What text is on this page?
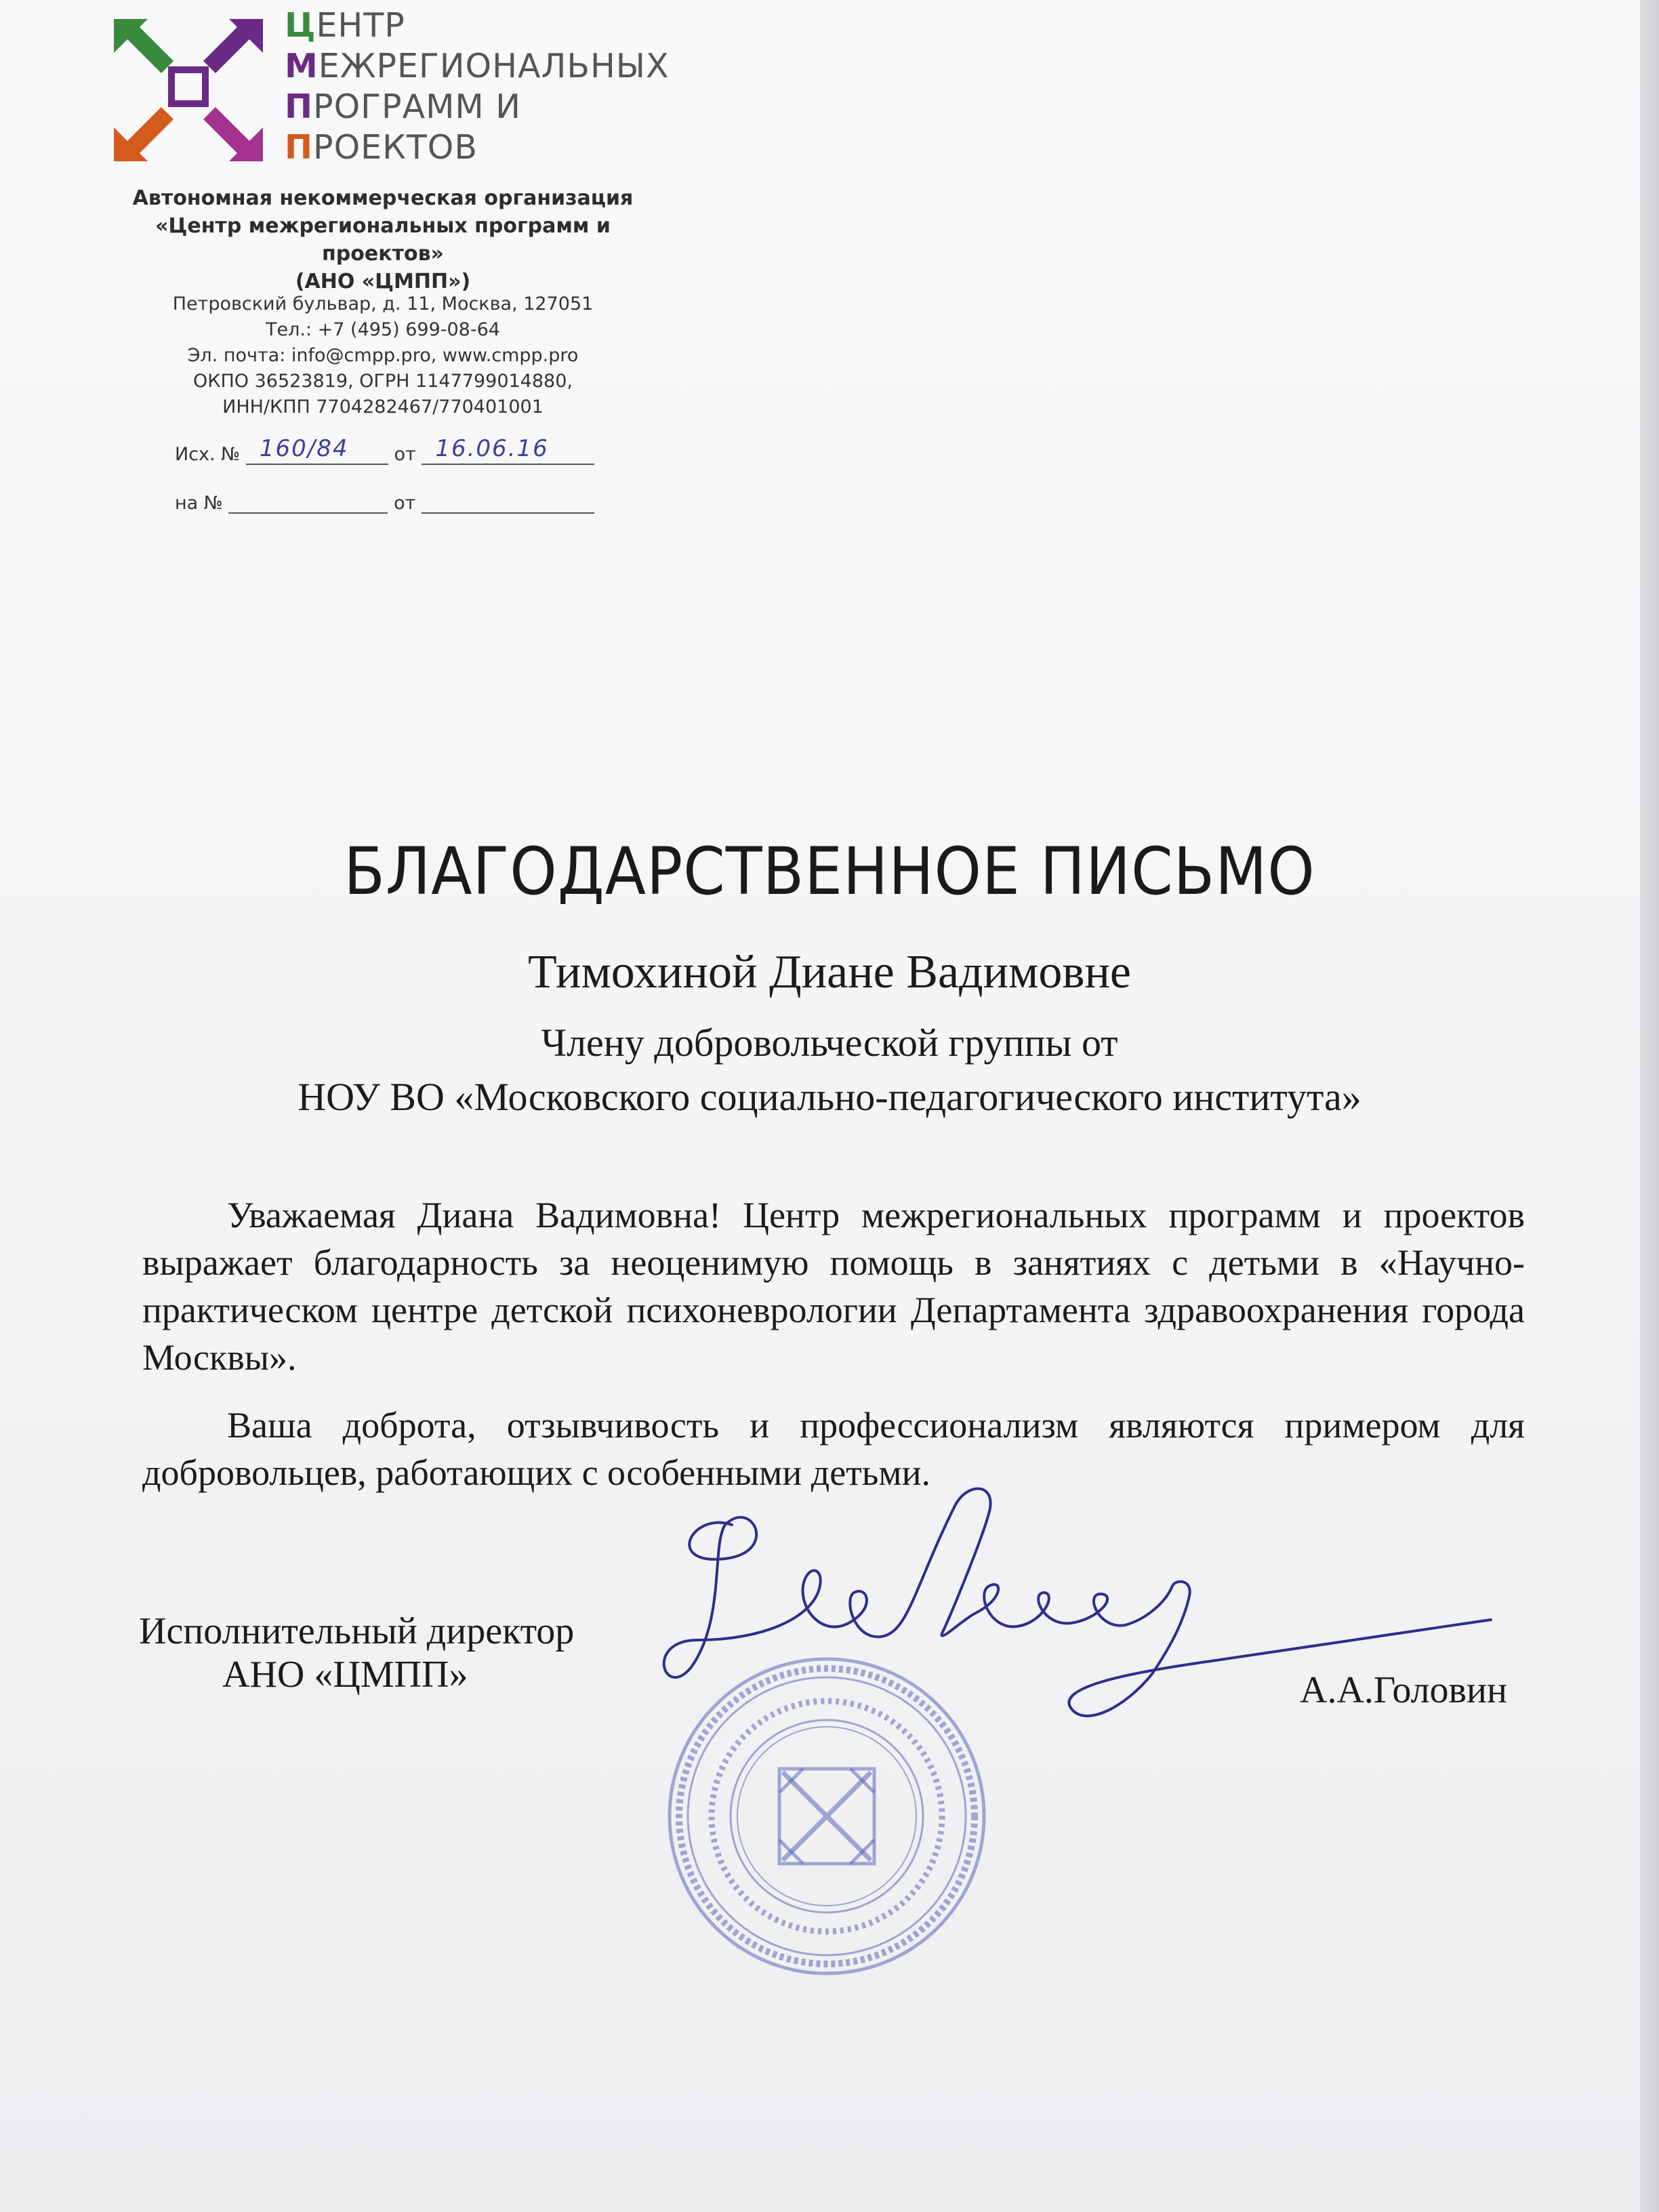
ЦЕНТР
МЕЖРЕГИОНАЛЬНЫХ
ПРОГРАММ И
ПРОЕКТОВ
Автономная некоммерческая организация
«Центр межрегиональных программ и проектов»
(АНО «ЦМПП»)
Петровский бульвар, д. 11, Москва, 127051
Тел.: +7 (495) 699-08-64
Эл. почта: info@cmpp.pro, www.cmpp.pro
ОКПО 36523819, ОГРН 1147799014880,
ИНН/КПП 7704282467/770401001
Исх. № 160/84 от 16.06.16
на №	от
БЛАГОДАРСТВЕННОЕ ПИСЬМО
Тимохиной Диане Вадимовне
Члену добровольческой группы от
НОУ ВО «Московского социально-педагогического института»

Уважаемая Диана Вадимовна! Центр межрегиональных программ и проектов выражает благодарность за неоценимую помощь в занятиях с детьми в «Научно-практическом центре детской психоневрологии Департамента здравоохранения города Москвы».

Ваша доброта, отзывчивость и профессионализм являются примером для добровольцев, работающих с особенными детьми.

Исполнительный директор
АНО «ЦМПП»	А.А.Головин
